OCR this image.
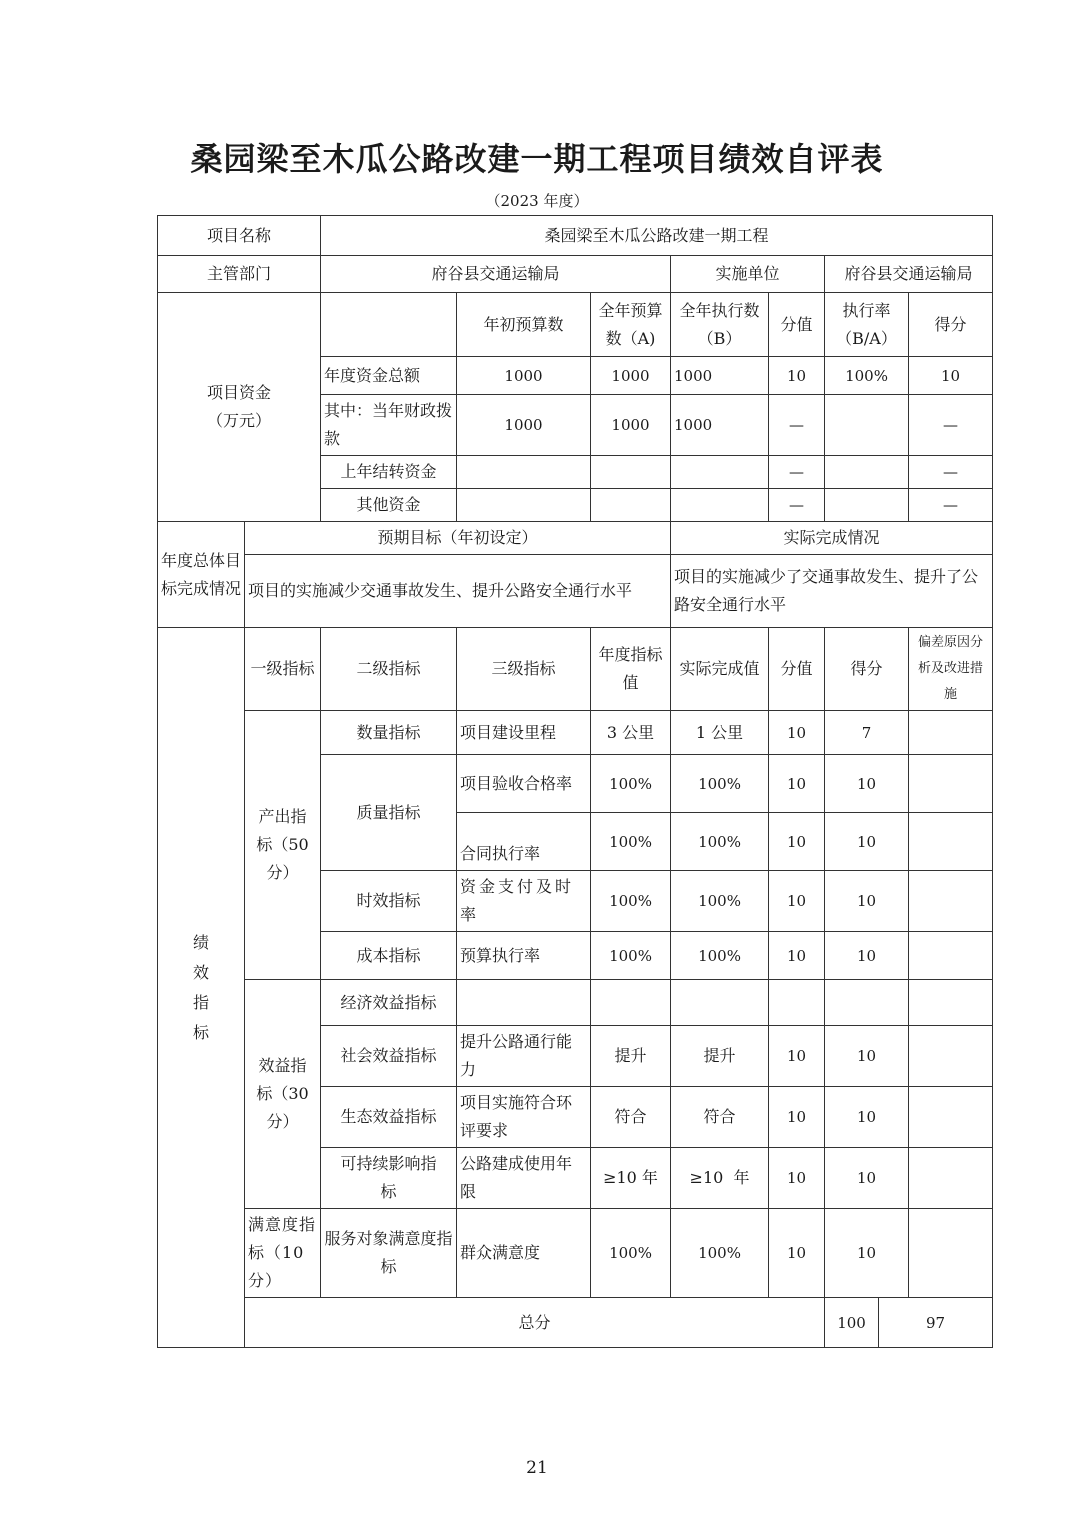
桑园梁至木瓜公路改建一期工程项目绩效自评表
（2023 年度）
项目名称		桑园梁至木瓜公路改建一期工程								
主管部门		府谷县交通运输局			实施单位		府谷县交通运输局			

项目资金
（万元）			年初预算数	全年预算数（A)	全年执行数（B）	分值	执行率（B/A）		得分	
		年度资金总额	1000	1000	1000	10	100%		10	
		其中：当年财政拨款	1000	1000	1000	—			—	
		上年结转资金				—			—	
		其他资金				—			—	
年度总体目标完成情况	预期目标（年初设定）				实际完成情况					
	项目的实施减少交通事故发生、提升公路安全通行水平				项目的实施减少了交通事故发生、提升了公路安全通行水平					
绩效指标	一级指标	二级指标	三级指标	年度指标值	实际完成值	分值	得分		偏差原因分析及改进措施	
	产出指标（50分）	数量指标	项目建设里程	3 公里	1 公里	10	7			
		质量指标	项目验收合格率	100%	100%	10	10			
			合同执行率	100%	100%	10	10			
		时效指标	资金支付及时率	100%	100%	10	10			
		成本指标	预算执行率	100%	100%	10	10			
	效益指标（30分）	经济效益指标								
		社会效益指标	提升公路通行能力	提升	提升	10	10			
		生态效益指标	项目实施符合环评要求	符合	符合	10	10			
		可持续影响指标	公路建成使用年限	≥10 年	≥10  年	10	10			
	满意度指标（10分）	服务对象满意度指标	群众满意度	100%	100%	10	10			
	总分						100	97		
21
